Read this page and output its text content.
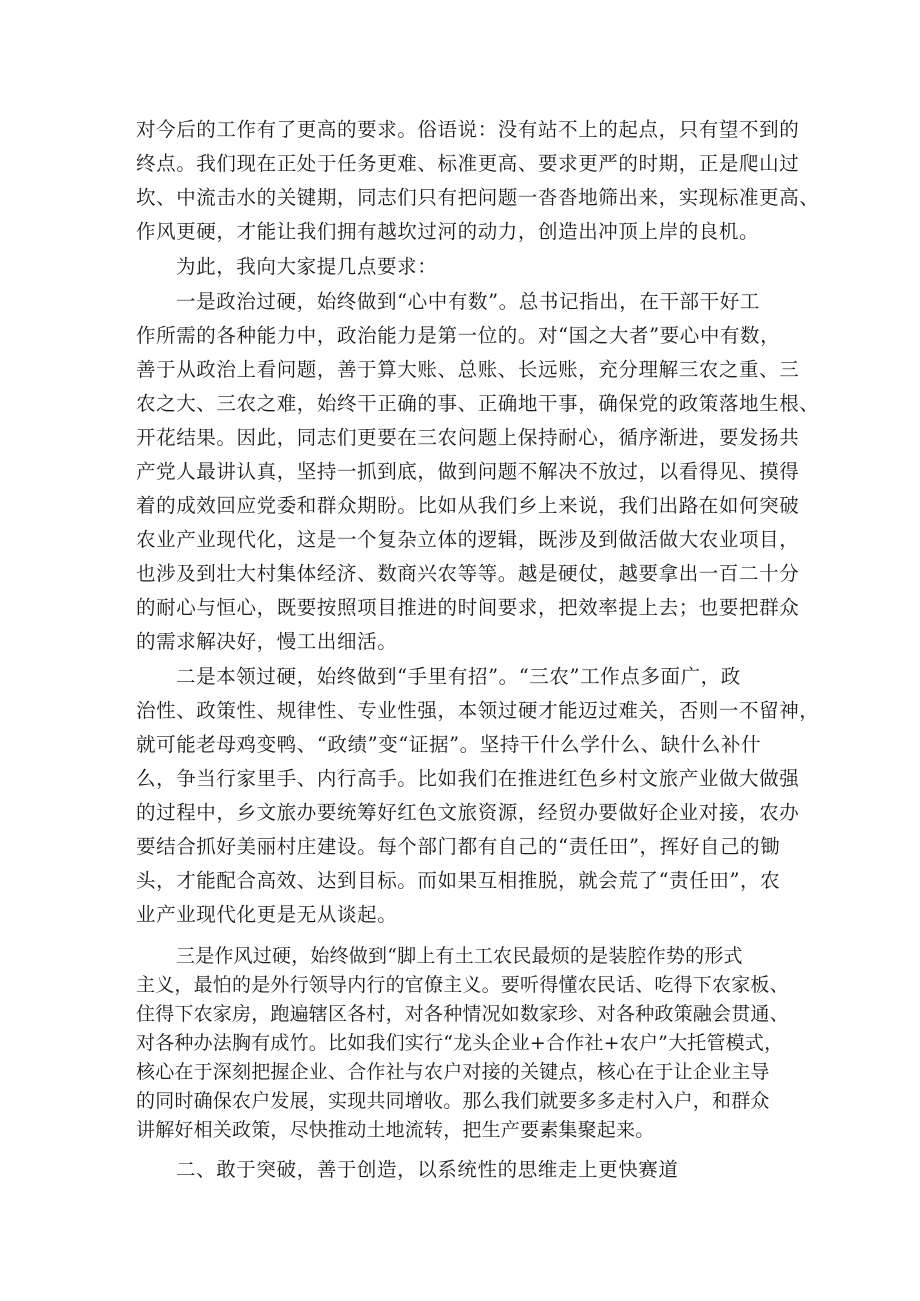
对今后的工作有了更高的要求。俗语说：没有站不上的起点，只有望不到的
终点。我们现在正处于任务更难、标准更高、要求更严的时期，正是爬山过
坎、中流击水的关键期，同志们只有把问题一沓沓地筛出来，实现标准更高、
作风更硬，才能让我们拥有越坎过河的动力，创造出冲顶上岸的良机。
为此，我向大家提几点要求：
一是政治过硬，始终做到“心中有数”。总书记指出，在干部干好工
作所需的各种能力中，政治能力是第一位的。对“国之大者”要心中有数，
善于从政治上看问题，善于算大账、总账、长远账，充分理解三农之重、三
农之大、三农之难，始终干正确的事、正确地干事，确保党的政策落地生根、
开花结果。因此，同志们更要在三农问题上保持耐心，循序渐进，要发扬共
产党人最讲认真，坚持一抓到底，做到问题不解决不放过，以看得见、摸得
着的成效回应党委和群众期盼。比如从我们乡上来说，我们出路在如何突破
农业产业现代化，这是一个复杂立体的逻辑，既涉及到做活做大农业项目，
也涉及到壮大村集体经济、数商兴农等等。越是硬仗，越要拿出一百二十分
的耐心与恒心，既要按照项目推进的时间要求，把效率提上去；也要把群众
的需求解决好，慢工出细活。
二是本领过硬，始终做到“手里有招”。“三农”工作点多面广，政
治性、政策性、规律性、专业性强，本领过硬才能迈过难关，否则一不留神，
就可能老母鸡变鸭、“政绩”变“证据”。坚持干什么学什么、缺什么补什
么，争当行家里手、内行高手。比如我们在推进红色乡村文旅产业做大做强
的过程中，乡文旅办要统筹好红色文旅资源，经贸办要做好企业对接，农办
要结合抓好美丽村庄建设。每个部门都有自己的“责任田”，挥好自己的锄
头，才能配合高效、达到目标。而如果互相推脱，就会荒了“责任田”，农
业产业现代化更是无从谈起。
三是作风过硬，始终做到“脚上有土工农民最烦的是装腔作势的形式
主义，最怕的是外行领导内行的官僚主义。要听得懂农民话、吃得下农家板、
住得下农家房，跑遍辖区各村，对各种情况如数家珍、对各种政策融会贯通、
对各种办法胸有成竹。比如我们实行“龙头企业+合作社+农户”大托管模式，
核心在于深刻把握企业、合作社与农户对接的关键点，核心在于让企业主导
的同时确保农户发展，实现共同增收。那么我们就要多多走村入户，和群众
讲解好相关政策，尽快推动土地流转，把生产要素集聚起来。
二、敢于突破，善于创造，以系统性的思维走上更快赛道
